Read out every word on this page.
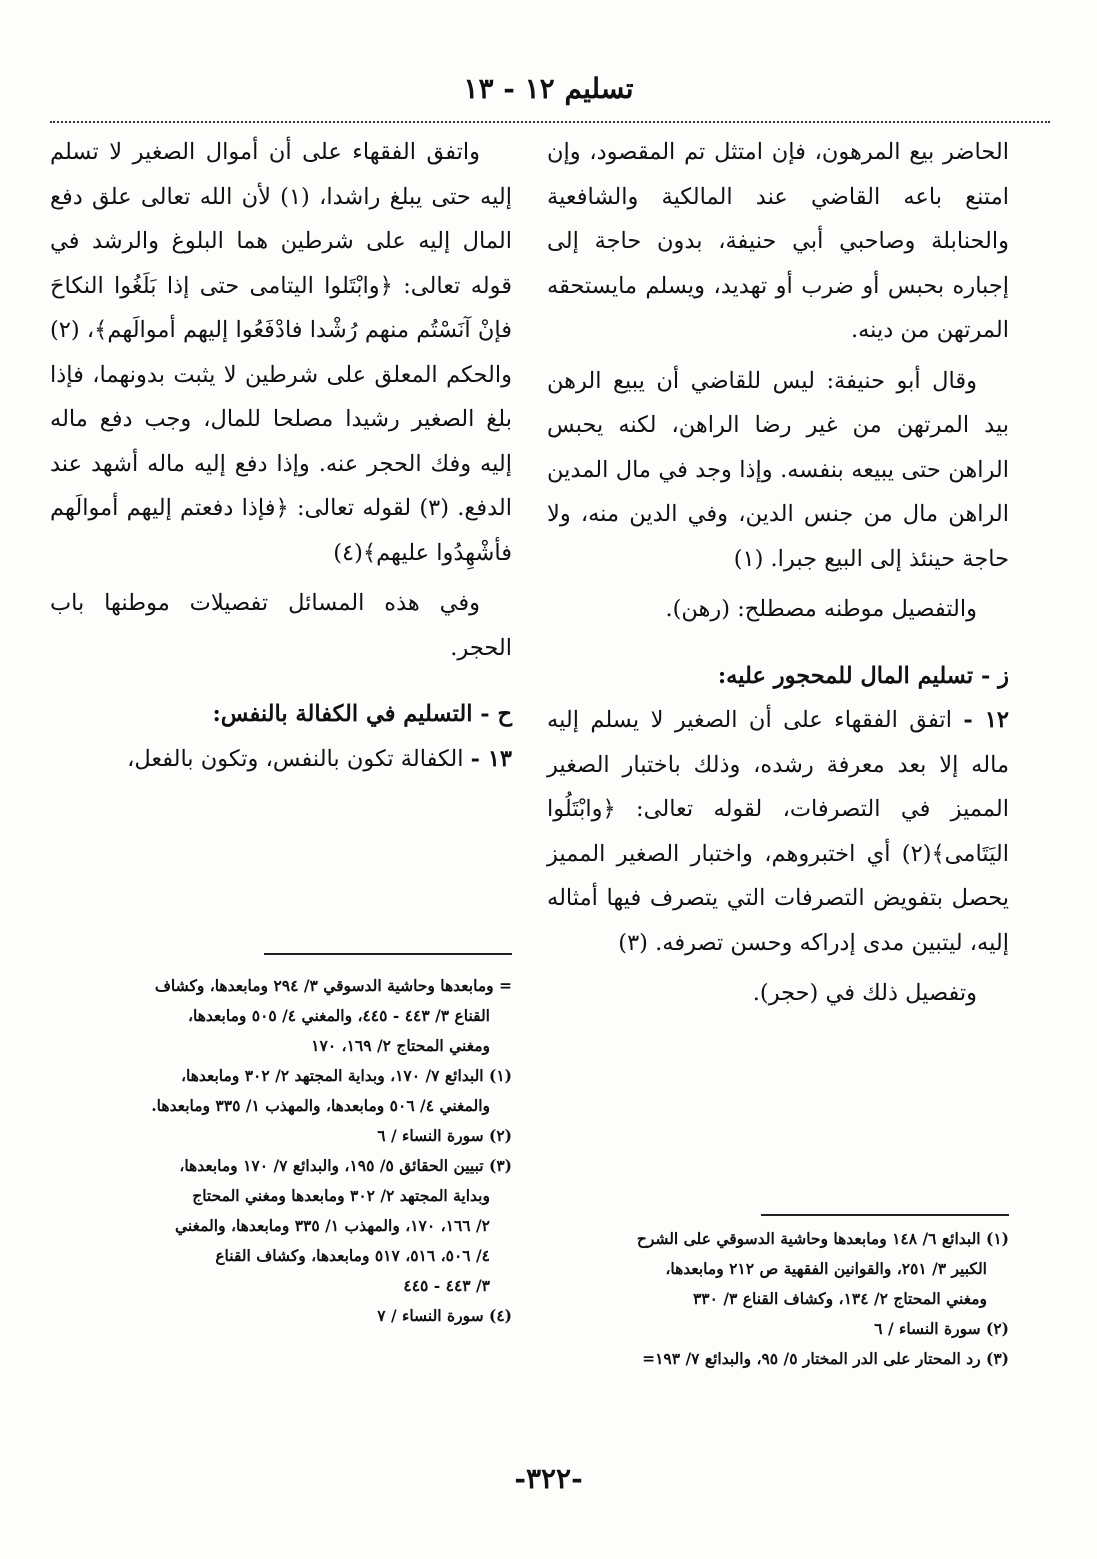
تسليم ١٢ - ١٣

الحاضر بيع المرهون، فإن امتثل تم المقصود، وإن امتنع باعه القاضي عند المالكية والشافعية والحنابلة وصاحبي أبي حنيفة، بدون حاجة إلى إجباره بحبس أو ضرب أو تهديد، ويسلم مايستحقه المرتهن من دينه.

وقال أبو حنيفة: ليس للقاضي أن يبيع الرهن بيد المرتهن من غير رضا الراهن، لكنه يحبس الراهن حتى يبيعه بنفسه. وإذا وجد في مال المدين الراهن مال من جنس الدين، وفي الدين منه، ولا حاجة حينئذ إلى البيع جبرا. (١)

والتفصيل موطنه مصطلح: (رهن).

ز - تسليم المال للمحجور عليه:

١٢ - اتفق الفقهاء على أن الصغير لا يسلم إليه ماله إلا بعد معرفة رشده، وذلك باختبار الصغير المميز في التصرفات، لقوله تعالى: ﴿وابْتَلُوا اليَتَامى﴾(٢) أي اختبروهم، واختبار الصغير المميز يحصل بتفويض التصرفات التي يتصرف فيها أمثاله إليه، ليتبين مدى إدراكه وحسن تصرفه. (٣)

وتفصيل ذلك في (حجر).

واتفق الفقهاء على أن أموال الصغير لا تسلم إليه حتى يبلغ راشدا، (١) لأن الله تعالى علق دفع المال إليه على شرطين هما البلوغ والرشد في قوله تعالى: ﴿وابْتَلوا اليتامى حتى إذا بَلَغُوا النكاحَ فإنْ آنَسْتُم منهم رُشْدا فادْفَعُوا إليهم أموالَهم﴾، (٢) والحكم المعلق على شرطين لا يثبت بدونهما، فإذا بلغ الصغير رشيدا مصلحا للمال، وجب دفع ماله إليه وفك الحجر عنه. وإذا دفع إليه ماله أشهد عند الدفع. (٣) لقوله تعالى: ﴿فإذا دفعتم إليهم أموالَهم فأشْهِدُوا عليهم﴾(٤)

وفي هذه المسائل تفصيلات موطنها باب الحجر.

ح - التسليم في الكفالة بالنفس:

١٣ - الكفالة تكون بالنفس، وتكون بالفعل،

(١) البدائع ٦/ ١٤٨ ومابعدها وحاشية الدسوقي على الشرح
الكبير ٣/ ٢٥١، والقوانين الفقهية ص ٢١٢ ومابعدها،
ومغني المحتاج ٢/ ١٣٤، وكشاف القناع ٣/ ٣٣٠
(٢) سورة النساء / ٦
(٣) رد المحتار على الدر المختار ٥/ ٩٥، والبدائع ٧/ ١٩٣=
= ومابعدها وحاشية الدسوقي ٣/ ٢٩٤ ومابعدها، وكشاف
القناع ٣/ ٤٤٣ - ٤٤٥، والمغني ٤/ ٥٠٥ ومابعدها،
ومغني المحتاج ٢/ ١٦٩، ١٧٠
(١) البدائع ٧/ ١٧٠، وبداية المجتهد ٢/ ٣٠٢ ومابعدها،
والمغني ٤/ ٥٠٦ ومابعدها، والمهذب ١/ ٣٣٥ ومابعدها.
(٢) سورة النساء / ٦
(٣) تبيين الحقائق ٥/ ١٩٥، والبدائع ٧/ ١٧٠ ومابعدها،
وبداية المجتهد ٢/ ٣٠٢ ومابعدها ومغني المحتاج
٢/ ١٦٦، ١٧٠، والمهذب ١/ ٣٣٥ ومابعدها، والمغني
٤/ ٥٠٦، ٥١٦، ٥١٧ ومابعدها، وكشاف القناع
٣/ ٤٤٣ - ٤٤٥
(٤) سورة النساء / ٧
-٣٢٢-
